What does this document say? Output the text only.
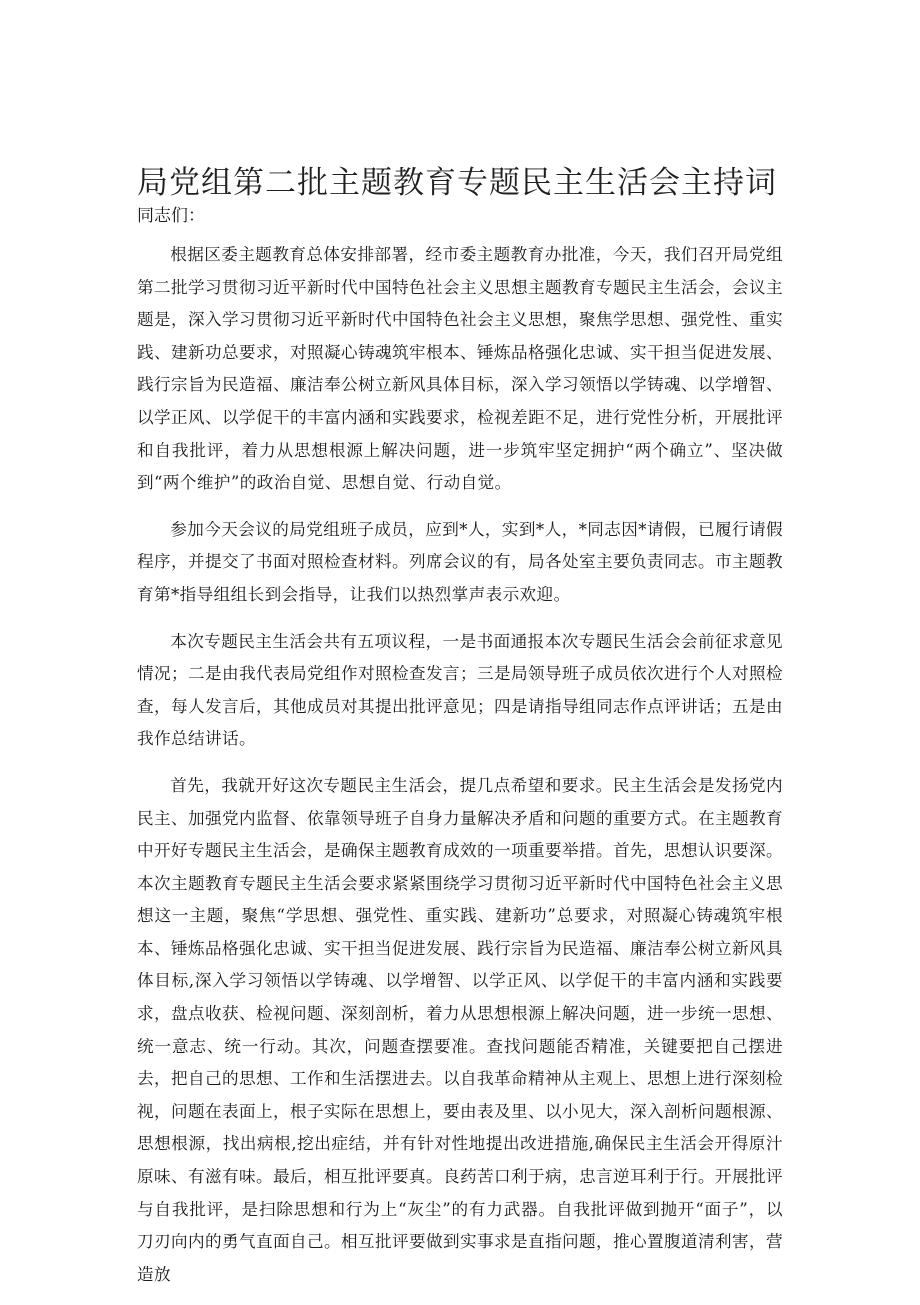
局党组第二批主题教育专题民主生活会主持词
同志们：

根据区委主题教育总体安排部署，经市委主题教育办批准，今天，我们召开局党组第二批学习贯彻习近平新时代中国特色社会主义思想主题教育专题民主生活会，会议主题是，深入学习贯彻习近平新时代中国特色社会主义思想，聚焦学思想、强党性、重实践、建新功总要求，对照凝心铸魂筑牢根本、锤炼品格强化忠诚、实干担当促进发展、践行宗旨为民造福、廉洁奉公树立新风具体目标，深入学习领悟以学铸魂、以学增智、以学正风、以学促干的丰富内涵和实践要求，检视差距不足，进行党性分析，开展批评和自我批评，着力从思想根源上解决问题，进一步筑牢坚定拥护“两个确立”、坚决做到“两个维护”的政治自觉、思想自觉、行动自觉。

参加今天会议的局党组班子成员，应到*人，实到*人，*同志因*请假，已履行请假程序，并提交了书面对照检查材料。列席会议的有，局各处室主要负责同志。市主题教育第*指导组组长到会指导，让我们以热烈掌声表示欢迎。

本次专题民主生活会共有五项议程，一是书面通报本次专题民生活会会前征求意见情况；二是由我代表局党组作对照检查发言；三是局领导班子成员依次进行个人对照检查，每人发言后，其他成员对其提出批评意见；四是请指导组同志作点评讲话；五是由我作总结讲话。

首先，我就开好这次专题民主生活会，提几点希望和要求。民主生活会是发扬党内民主、加强党内监督、依靠领导班子自身力量解决矛盾和问题的重要方式。在主题教育中开好专题民主生活会，是确保主题教育成效的一项重要举措。首先，思想认识要深。本次主题教育专题民主生活会要求紧紧围绕学习贯彻习近平新时代中国特色社会主义思想这一主题，聚焦“学思想、强党性、重实践、建新功”总要求，对照凝心铸魂筑牢根本、锤炼品格强化忠诚、实干担当促进发展、践行宗旨为民造福、廉洁奉公树立新风具体目标,深入学习领悟以学铸魂、以学增智、以学正风、以学促干的丰富内涵和实践要求，盘点收获、检视问题、深刻剖析，着力从思想根源上解决问题，进一步统一思想、统一意志、统一行动。其次，问题查摆要准。查找问题能否精准，关键要把自己摆进去，把自己的思想、工作和生活摆进去。以自我革命精神从主观上、思想上进行深刻检视，问题在表面上，根子实际在思想上，要由表及里、以小见大，深入剖析问题根源、思想根源，找出病根,挖出症结，并有针对性地提出改进措施,确保民主生活会开得原汁原味、有滋有味。最后，相互批评要真。良药苦口利于病，忠言逆耳利于行。开展批评与自我批评，是扫除思想和行为上“灰尘”的有力武器。自我批评做到抛开“面子”，以刀刃向内的勇气直面自己。相互批评要做到实事求是直指问题，推心置腹道清利害，营造放
